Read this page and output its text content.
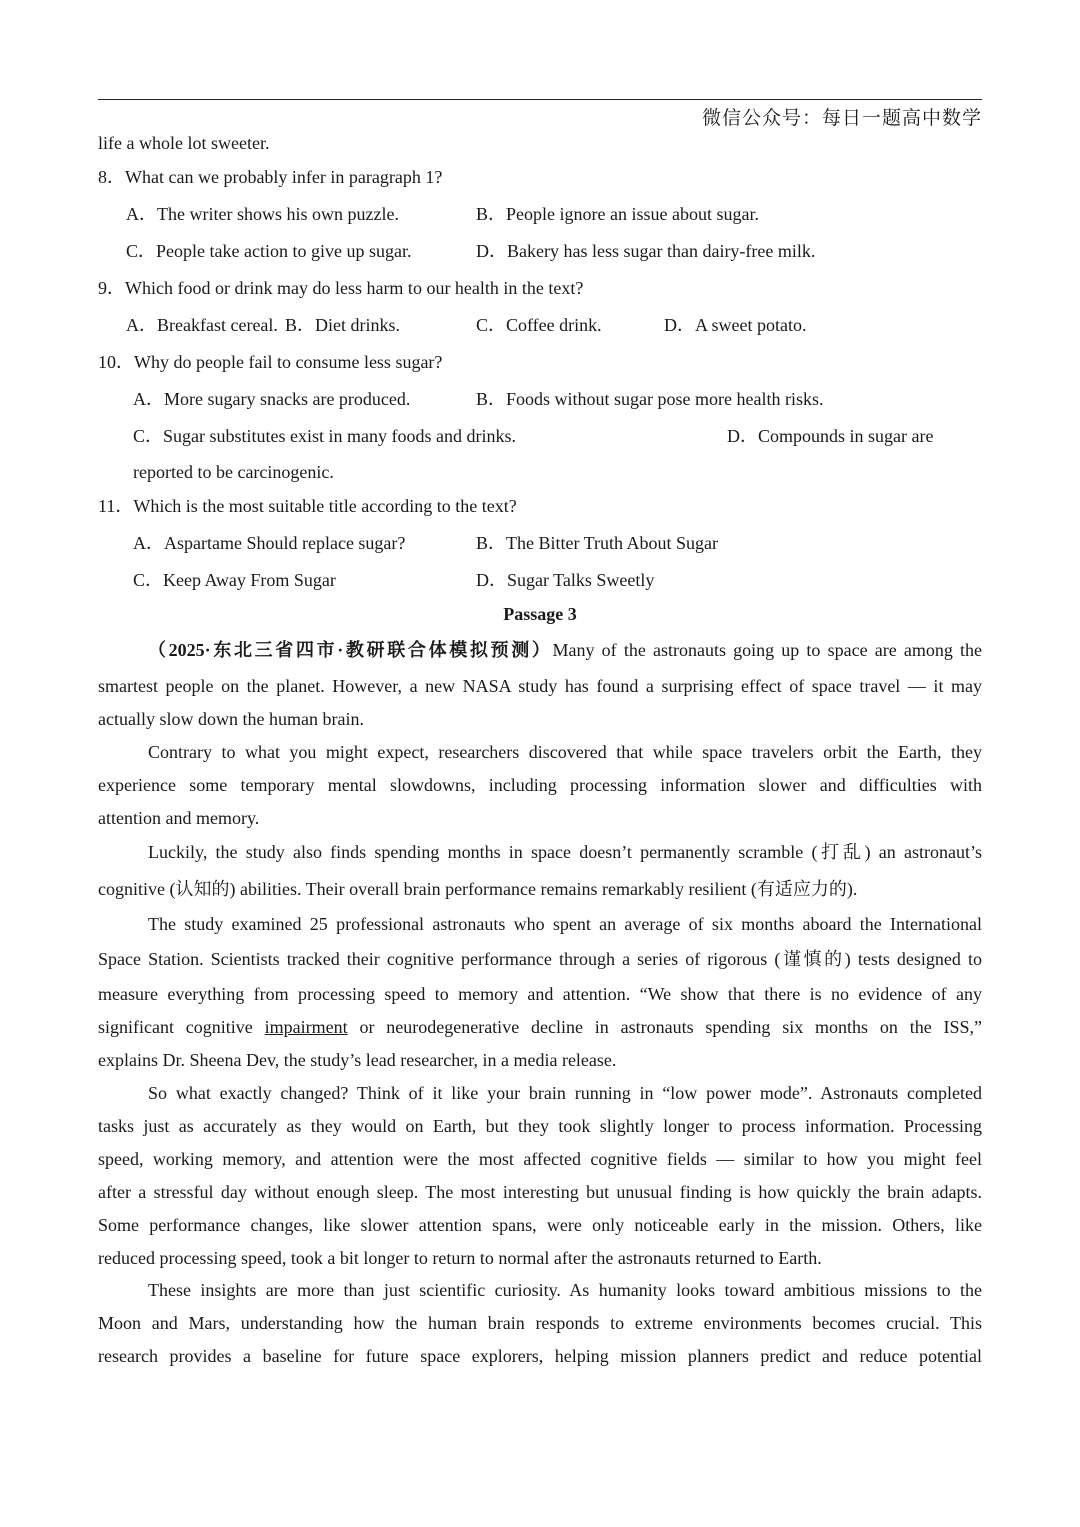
微信公众号：每日一题高中数学
life a whole lot sweeter.
8．What can we probably infer in paragraph 1?
A．The writer shows his own puzzle.	B．People ignore an issue about sugar.
C．People take action to give up sugar.	D．Bakery has less sugar than dairy-free milk.
9．Which food or drink may do less harm to our health in the text?
A．Breakfast cereal. B．Diet drinks.	C．Coffee drink.	D．A sweet potato.
10．Why do people fail to consume less sugar?
A．More sugary snacks are produced.	B．Foods without sugar pose more health risks.
C．Sugar substitutes exist in many foods and drinks.	D．Compounds in sugar are
reported to be carcinogenic.
11．Which is the most suitable title according to the text?
A．Aspartame Should replace sugar?	B．The Bitter Truth About Sugar
C．Keep Away From Sugar	D．Sugar Talks Sweetly
Passage 3
（2025·东北三省四市·教研联合体模拟预测）Many of the astronauts going up to space are among the
smartest people on the planet. However, a new NASA study has found a surprising effect of space travel — it may
actually slow down the human brain.
Contrary to what you might expect, researchers discovered that while space travelers orbit the Earth, they
experience some temporary mental slowdowns, including processing information slower and difficulties with
attention and memory.
Luckily, the study also finds spending months in space doesn’t permanently scramble (打乱) an astronaut’s
cognitive (认知的) abilities. Their overall brain performance remains remarkably resilient (有适应力的).
The study examined 25 professional astronauts who spent an average of six months aboard the International
Space Station. Scientists tracked their cognitive performance through a series of rigorous (谨慎的) tests designed to
measure everything from processing speed to memory and attention. “We show that there is no evidence of any
significant cognitive impairment or neurodegenerative decline in astronauts spending six months on the ISS,”
explains Dr. Sheena Dev, the study’s lead researcher, in a media release.
So what exactly changed? Think of it like your brain running in “low power mode”. Astronauts completed
tasks just as accurately as they would on Earth, but they took slightly longer to process information. Processing
speed, working memory, and attention were the most affected cognitive fields — similar to how you might feel
after a stressful day without enough sleep. The most interesting but unusual finding is how quickly the brain adapts.
Some performance changes, like slower attention spans, were only noticeable early in the mission. Others, like
reduced processing speed, took a bit longer to return to normal after the astronauts returned to Earth.
These insights are more than just scientific curiosity. As humanity looks toward ambitious missions to the
Moon and Mars, understanding how the human brain responds to extreme environments becomes crucial. This
research provides a baseline for future space explorers, helping mission planners predict and reduce potential
